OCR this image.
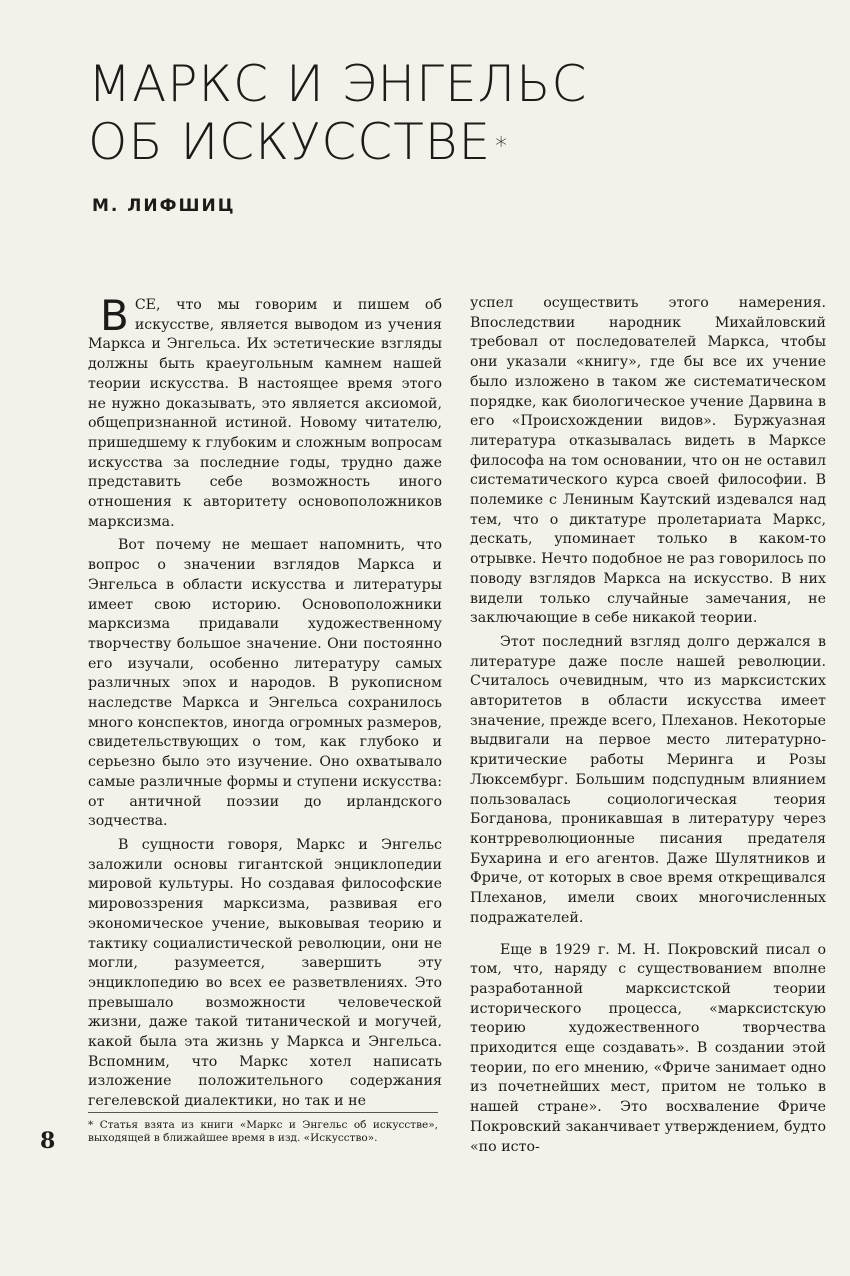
МАРКС И ЭНГЕЛЬС
ОБ ИСКУССТВЕ *
М. ЛИФШИЦ

ВСЕ, что мы говорим и пишем об искусстве, является выводом из учения Маркса и Энгельса. Их эстетические взгляды должны быть краеугольным камнем нашей теории искусства. В настоящее время этого не нужно доказывать, это является аксиомой, общепризнанной истиной. Новому читателю, пришедшему к глубоким и сложным вопросам искусства за последние годы, трудно даже представить себе возможность иного отношения к авторитету основоположников марксизма.

Вот почему не мешает напомнить, что вопрос о значении взглядов Маркса и Энгельса в области искусства и литературы имеет свою историю. Основоположники марксизма придавали художественному творчеству большое значение. Они постоянно его изучали, особенно литературу самых различных эпох и народов. В рукописном наследстве Маркса и Энгельса сохранилось много конспектов, иногда огромных размеров, свидетельствующих о том, как глубоко и серьезно было это изучение. Оно охватывало самые различные формы и ступени искусства: от античной поэзии до ирландского зодчества.

В сущности говоря, Маркс и Энгельс заложили основы гигантской энциклопедии мировой культуры. Но создавая философские мировоззрения марксизма, развивая его экономическое учение, выковывая теорию и тактику социалистической революции, они не могли, разумеется, завершить эту энциклопедию во всех ее разветвлениях. Это превышало возможности человеческой жизни, даже такой титанической и могучей, какой была эта жизнь у Маркса и Энгельса. Вспомним, что Маркс хотел написать изложение положительного содержания гегелевской диалектики, но так и не

успел осуществить этого намерения. Впоследствии народник Михайловский требовал от последователей Маркса, чтобы они указали «книгу», где бы все их учение было изложено в таком же систематическом порядке, как биологическое учение Дарвина в его «Происхождении видов». Буржуазная литература отказывалась видеть в Марксе философа на том основании, что он не оставил систематического курса своей философии. В полемике с Лениным Каутский издевался над тем, что о диктатуре пролетариата Маркс, дескать, упоминает только в каком-то отрывке. Нечто подобное не раз говорилось по поводу взглядов Маркса на искусство. В них видели только случайные замечания, не заключающие в себе никакой теории.

Этот последний взгляд долго держался в литературе даже после нашей революции. Считалось очевидным, что из марксистских авторитетов в области искусства имеет значение, прежде всего, Плеханов. Некоторые выдвигали на первое место литературно-критические работы Меринга и Розы Люксембург. Большим подспудным влиянием пользовалась социологическая теория Богданова, проникавшая в литературу через контрреволюционные писания предателя Бухарина и его агентов. Даже Шулятников и Фриче, от которых в свое время открещивался Плеханов, имели своих многочисленных подражателей.

Еще в 1929 г. М. Н. Покровский писал о том, что, наряду с существованием вполне разработанной марксистской теории исторического процесса, «марксистскую теорию художественного творчества приходится еще создавать». В создании этой теории, по его мнению, «Фриче занимает одно из почетнейших мест, притом не только в нашей стране». Это восхваление Фриче Покровский заканчивает утверждением, будто «по исто-

* Статья взята из книги «Маркс и Энгельс об искусстве», выходящей в ближайшее время в изд. «Искусство».
8
